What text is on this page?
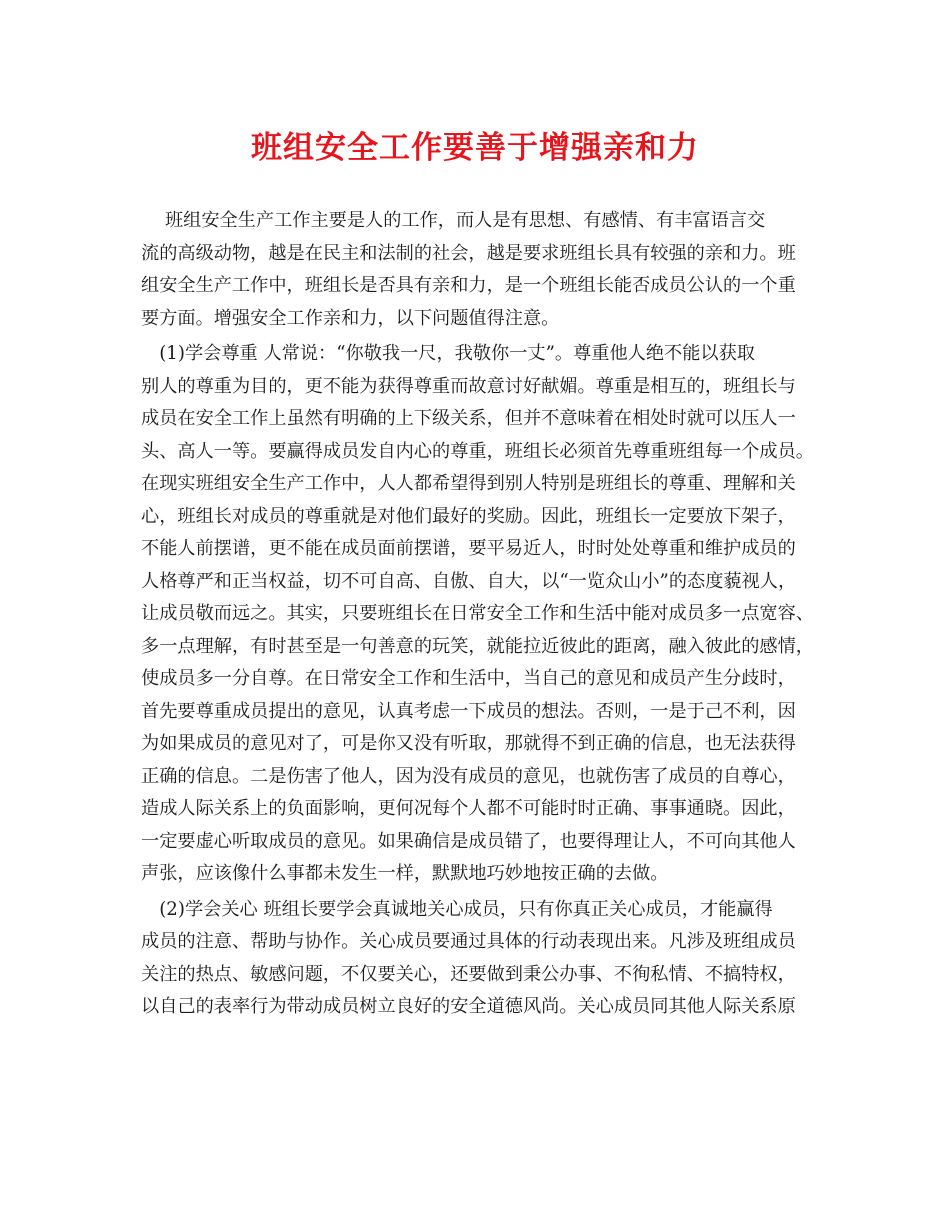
班组安全工作要善于增强亲和力
　 班组安全生产工作主要是人的工作，而人是有思想、有感情、有丰富语言交
流的高级动物，越是在民主和法制的社会，越是要求班组长具有较强的亲和力。班
组安全生产工作中，班组长是否具有亲和力，是一个班组长能否成员公认的一个重
要方面。增强安全工作亲和力，以下问题值得注意。
　(1)学会尊重 人常说：“你敬我一尺，我敬你一丈”。尊重他人绝不能以获取
别人的尊重为目的，更不能为获得尊重而故意讨好献媚。尊重是相互的，班组长与
成员在安全工作上虽然有明确的上下级关系，但并不意味着在相处时就可以压人一
头、高人一等。要赢得成员发自内心的尊重，班组长必须首先尊重班组每一个成员。
在现实班组安全生产工作中，人人都希望得到别人特别是班组长的尊重、理解和关
心，班组长对成员的尊重就是对他们最好的奖励。因此，班组长一定要放下架子，
不能人前摆谱，更不能在成员面前摆谱，要平易近人，时时处处尊重和维护成员的
人格尊严和正当权益，切不可自高、自傲、自大，以“一览众山小”的态度藐视人，
让成员敬而远之。其实，只要班组长在日常安全工作和生活中能对成员多一点宽容、
多一点理解，有时甚至是一句善意的玩笑，就能拉近彼此的距离，融入彼此的感情，
使成员多一分自尊。在日常安全工作和生活中，当自己的意见和成员产生分歧时，
首先要尊重成员提出的意见，认真考虑一下成员的想法。否则，一是于己不利，因
为如果成员的意见对了，可是你又没有听取，那就得不到正确的信息，也无法获得
正确的信息。二是伤害了他人，因为没有成员的意见，也就伤害了成员的自尊心，
造成人际关系上的负面影响，更何况每个人都不可能时时正确、事事通晓。因此，
一定要虚心听取成员的意见。如果确信是成员错了，也要得理让人，不可向其他人
声张，应该像什么事都未发生一样，默默地巧妙地按正确的去做。
　(2)学会关心 班组长要学会真诚地关心成员，只有你真正关心成员，才能赢得
成员的注意、帮助与协作。关心成员要通过具体的行动表现出来。凡涉及班组成员
关注的热点、敏感问题，不仅要关心，还要做到秉公办事、不徇私情、不搞特权，
以自己的表率行为带动成员树立良好的安全道德风尚。关心成员同其他人际关系原
